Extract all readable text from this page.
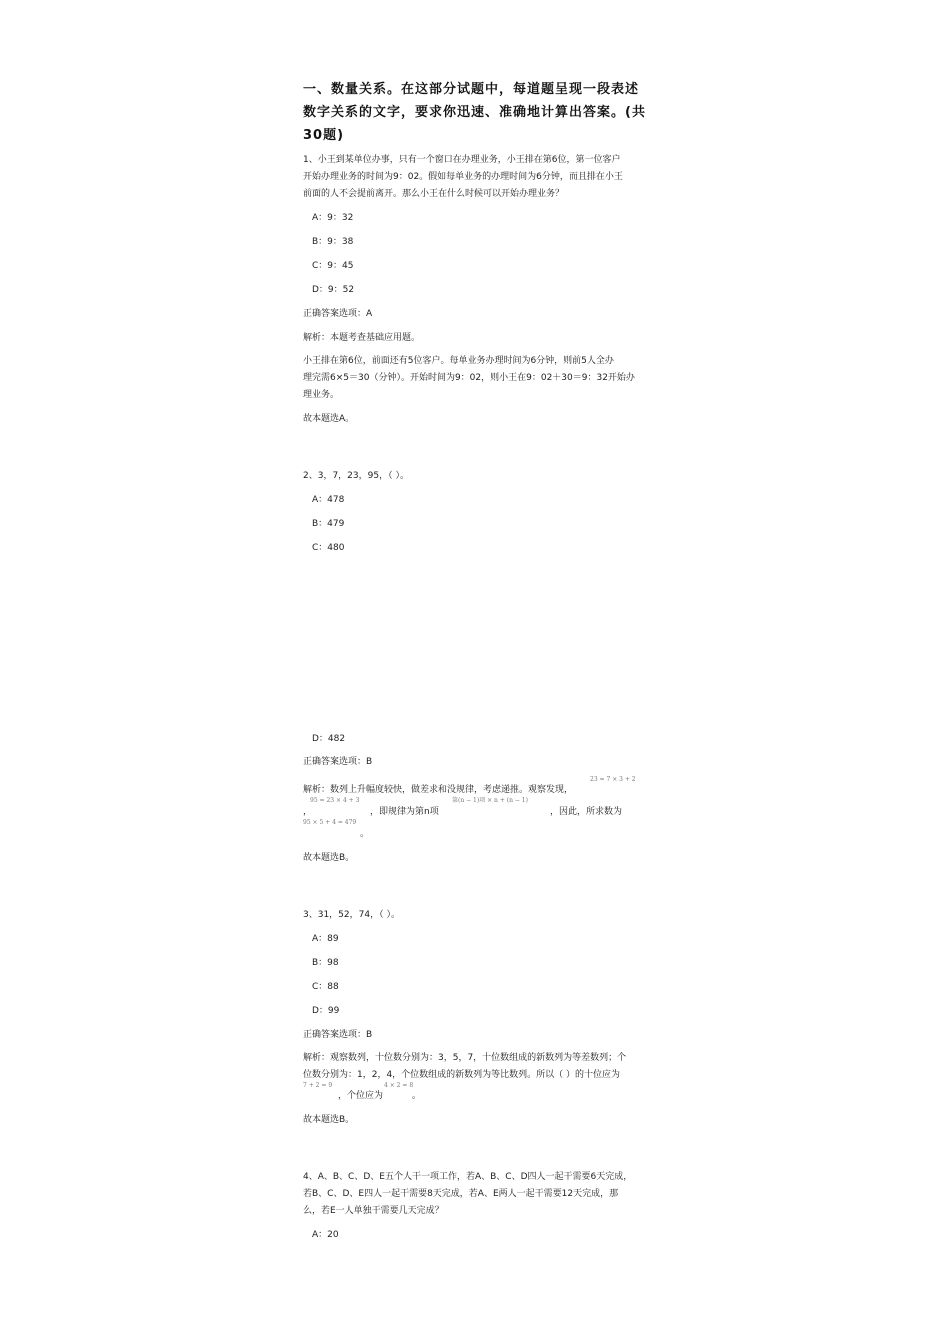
一、数量关系。在这部分试题中，每道题呈现一段表述
数字关系的文字，要求你迅速、准确地计算出答案。(共
30题)
1、小王到某单位办事，只有一个窗口在办理业务，小王排在第6位，第一位客户
开始办理业务的时间为9：02。假如每单业务的办理时间为6分钟，而且排在小王
前面的人不会提前离开。那么小王在什么时候可以开始办理业务？
A：9：32
B：9：38
C：9：45
D：9：52
正确答案选项：A
解析：本题考查基础应用题。
小王排在第6位，前面还有5位客户。每单业务办理时间为6分钟，则前5人全办
理完需6×5＝30（分钟）。开始时间为9：02，则小王在9：02＋30＝9：32开始办
理业务。
故本题选A。
2、3，7，23，95，（ ）。
A：478
B：479
C：480
D：482
正确答案选项：B
23 = 7 × 3 + 2
解析：数列上升幅度较快，做差求和没规律，考虑递推。观察发现，
95 = 23 × 4 + 3	第(n − 1)项 × n + (n − 1)
，	，即规律为第n项	，因此，所求数为
95 × 5 + 4 = 479
。
故本题选B。
3、31，52，74，（ ）。
A：89
B：98
C：88
D：99
正确答案选项：B
解析：观察数列，十位数分别为：3，5，7，十位数组成的新数列为等差数列；个
位数分别为：1，2，4，个位数组成的新数列为等比数列。所以（ ）的十位应为
7 + 2 = 9	4 × 2 = 8
，个位应为	。
故本题选B。
4、A、B、C、D、E五个人干一项工作，若A、B、C、D四人一起干需要6天完成，
若B、C、D、E四人一起干需要8天完成，若A、E两人一起干需要12天完成，那
么，若E一人单独干需要几天完成？
A：20
